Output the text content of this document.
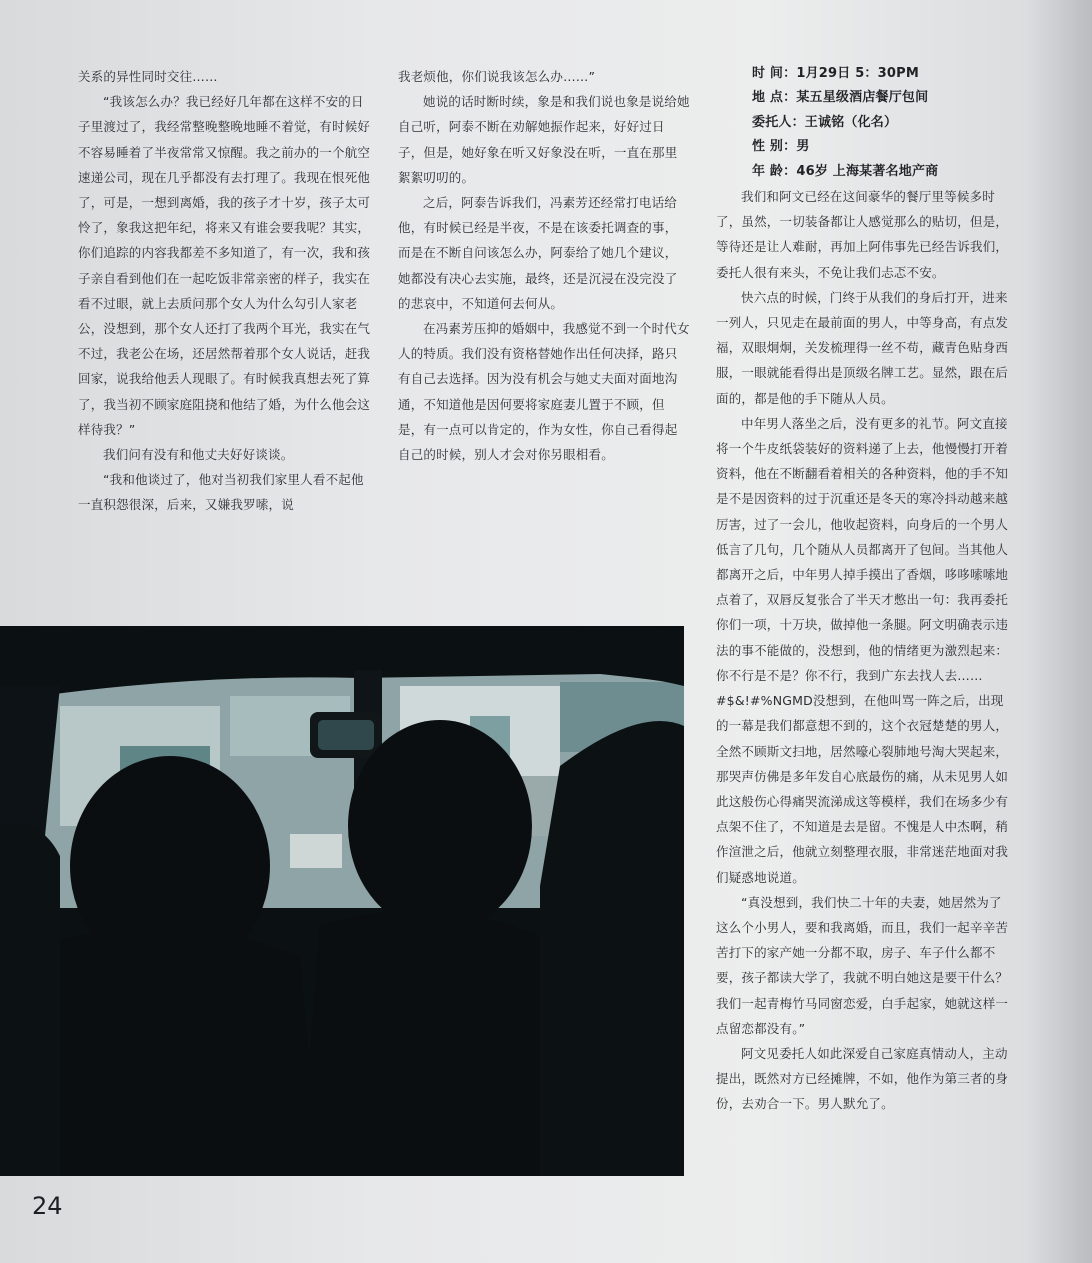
关系的异性同时交往……

“我该怎么办？我已经好几年都在这样不安的日子里渡过了，我经常整晚整晚地睡不着觉，有时候好不容易睡着了半夜常常又惊醒。我之前办的一个航空速递公司，现在几乎都没有去打理了。我现在恨死他了，可是，一想到离婚，我的孩子才十岁，孩子太可怜了，象我这把年纪，将来又有谁会要我呢？其实，你们追踪的内容我都差不多知道了，有一次，我和孩子亲自看到他们在一起吃饭非常亲密的样子，我实在看不过眼，就上去质问那个女人为什么勾引人家老公，没想到，那个女人还打了我两个耳光，我实在气不过，我老公在场，还居然帮着那个女人说话，赶我回家，说我给他丢人现眼了。有时候我真想去死了算了，我当初不顾家庭阻挠和他结了婚，为什么他会这样待我？”

我们问有没有和他丈夫好好谈谈。

“我和他谈过了，他对当初我们家里人看不起他一直积怨很深，后来，又嫌我罗嗦，说

我老烦他，你们说我该怎么办……”

她说的话时断时续，象是和我们说也象是说给她自己听，阿泰不断在劝解她振作起来，好好过日子，但是，她好象在听又好象没在听，一直在那里絮絮叨叨的。

之后，阿泰告诉我们，冯素芳还经常打电话给他，有时候已经是半夜，不是在该委托调查的事，而是在不断自问该怎么办，阿泰给了她几个建议，她都没有决心去实施，最终，还是沉浸在没完没了的悲哀中，不知道何去何从。

在冯素芳压抑的婚姻中，我感觉不到一个时代女人的特质。我们没有资格替她作出任何决择，路只有自己去选择。因为没有机会与她丈夫面对面地沟通，不知道他是因何要将家庭妻儿置于不顾，但是，有一点可以肯定的，作为女性，你自己看得起自己的时候，别人才会对你另眼相看。

时 间：1月29日 5：30PM

地 点：某五星级酒店餐厅包间

委托人：王诚铭（化名）

性 别：男

年 龄：46岁 上海某著名地产商

我们和阿文已经在这间豪华的餐厅里等候多时了，虽然，一切装备都让人感觉那么的贴切，但是，等待还是让人难耐，再加上阿伟事先已经告诉我们，委托人很有来头，不免让我们忐忑不安。

快六点的时候，门终于从我们的身后打开，进来一列人，只见走在最前面的男人，中等身高，有点发福，双眼炯炯，关发梳理得一丝不苟，藏青色贴身西服，一眼就能看得出是顶级名牌工艺。显然，跟在后面的，都是他的手下随从人员。

中年男人落坐之后，没有更多的礼节。阿文直接将一个牛皮纸袋装好的资料递了上去，他慢慢打开着资料，他在不断翻看着相关的各种资料，他的手不知是不是因资料的过于沉重还是冬天的寒冷抖动越来越厉害，过了一会儿，他收起资料，向身后的一个男人低言了几句，几个随从人员都离开了包间。当其他人都离开之后，中年男人掉手摸出了香烟，哆哆嗦嗦地点着了，双唇反复张合了半天才憋出一句：我再委托你们一项，十万块，做掉他一条腿。阿文明确表示违法的事不能做的，没想到，他的情绪更为激烈起来：你不行是不是？你不行，我到广东去找人去……#$&!#%NGMD没想到，在他叫骂一阵之后，出现的一幕是我们都意想不到的，这个衣冠楚楚的男人，全然不顾斯文扫地，居然嚎心裂肺地号淘大哭起来，那哭声仿佛是多年发自心底最伤的痛，从未见男人如此这般伤心得痛哭流涕成这等模样，我们在场多少有点架不住了，不知道是去是留。不愧是人中杰啊，稍作渲泄之后，他就立刻整理衣服，非常迷茫地面对我们疑惑地说道。

“真没想到，我们快二十年的夫妻，她居然为了这么个小男人，要和我离婚，而且，我们一起辛辛苦苦打下的家产她一分都不取，房子、车子什么都不要，孩子都读大学了，我就不明白她这是要干什么？我们一起青梅竹马同窗恋爱，白手起家，她就这样一点留恋都没有。”

阿文见委托人如此深爱自己家庭真情动人，主动提出，既然对方已经摊牌，不如，他作为第三者的身份，去劝合一下。男人默允了。

24
